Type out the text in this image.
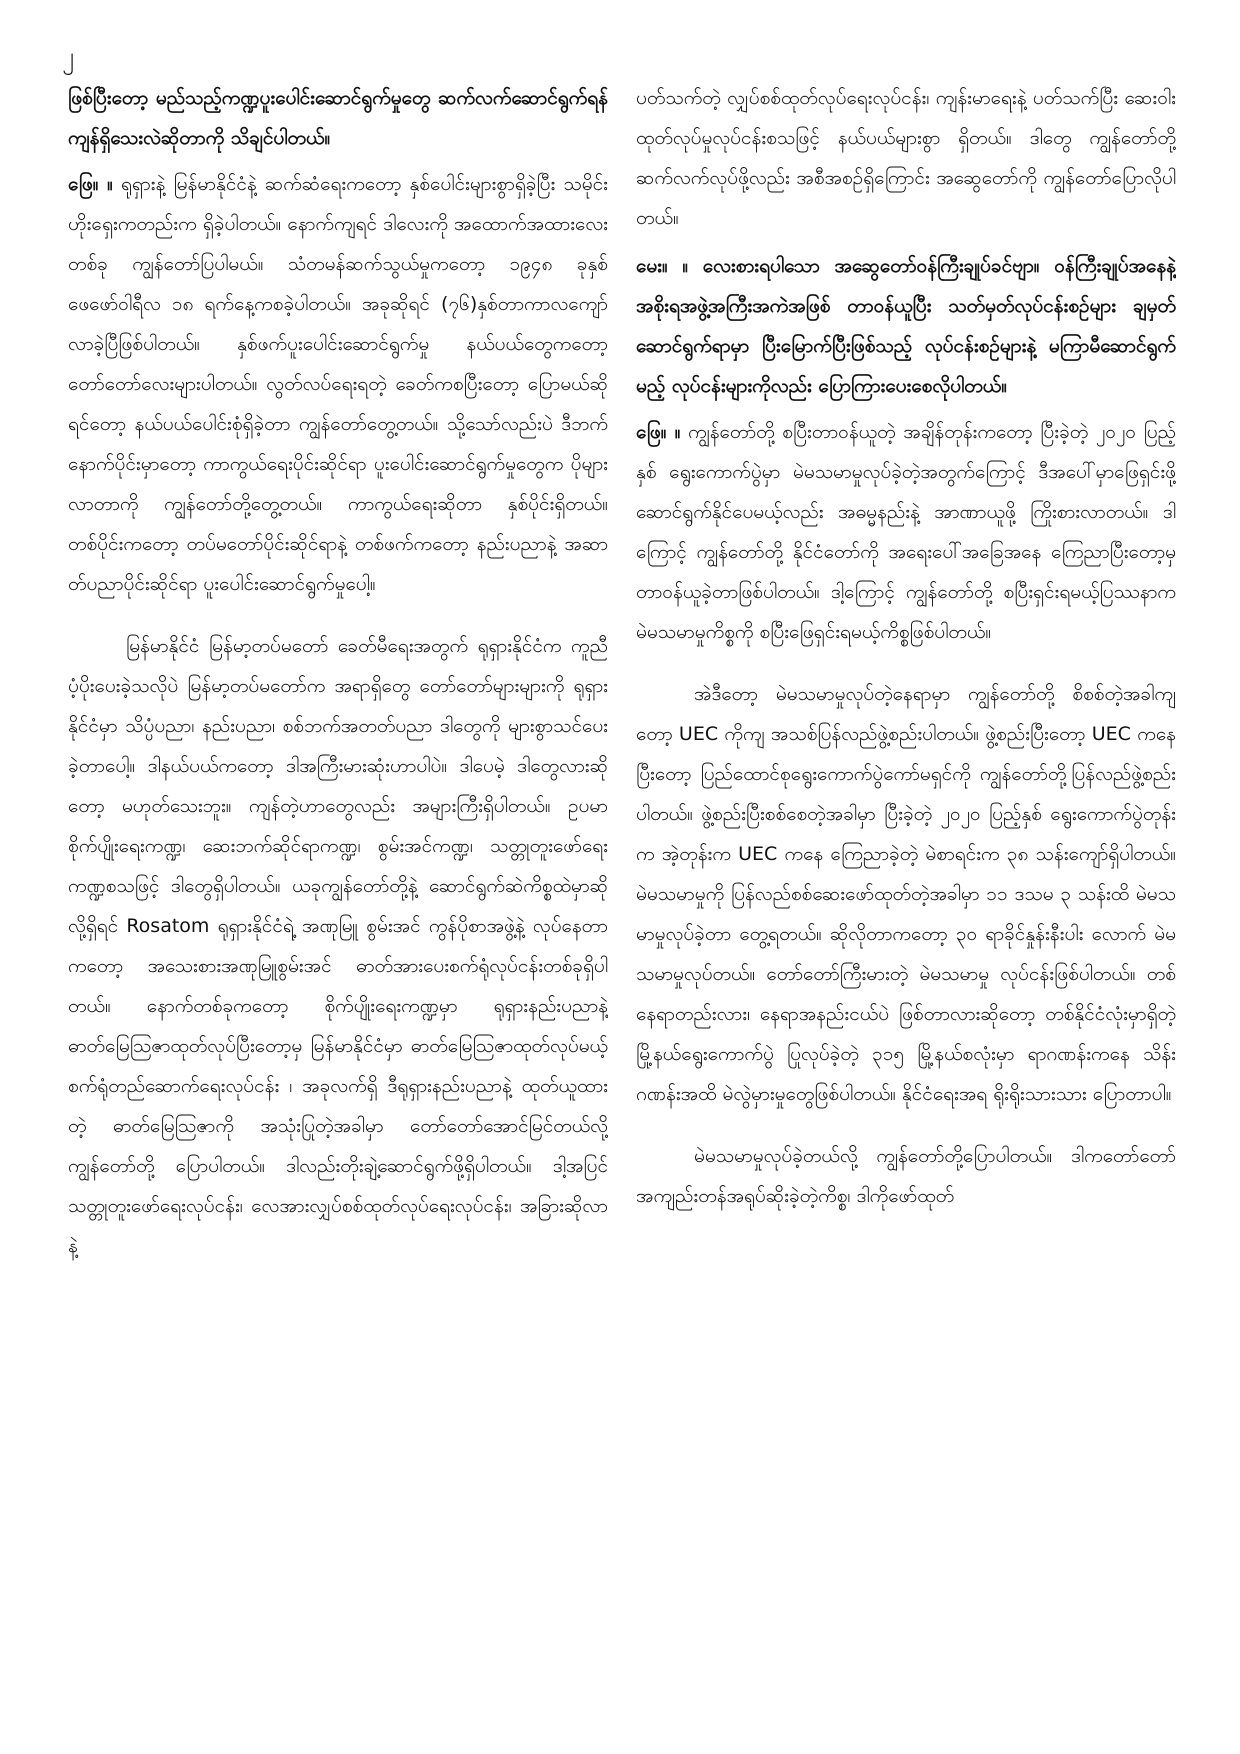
၂

ဖြစ်ပြီးတော့ မည်သည့်ကဏ္ဍပူးပေါင်းဆောင်ရွက်မှုတွေ ဆက်လက်ဆောင်ရွက်ရန် ကျန်ရှိသေးလဲဆိုတာကို သိချင်ပါတယ်။

ဖြေ။ ။ ရုရှားနဲ့ မြန်မာနိုင်ငံနဲ့ ဆက်ဆံရေးကတော့ နှစ်ပေါင်းများစွာရှိခဲ့ပြီး သမိုင်းဟိုးရှေးကတည်းက ရှိခဲ့ပါတယ်။ နောက်ကျရင် ဒါလေးကို အထောက်အထားလေးတစ်ခု ကျွန်တော်ပြပါမယ်။ သံတမန်ဆက်သွယ်မှုကတော့ ၁၉၄၈ ခုနှစ် ဖေဖော်ဝါရီလ ၁၈ ရက်နေ့ကစခဲ့ပါတယ်။ အခုဆိုရင် (၇၆)နှစ်တာကာလကျော်လာခဲ့ပြီဖြစ်ပါတယ်။ နှစ်ဖက်ပူးပေါင်းဆောင်ရွက်မှု နယ်ပယ်တွေကတော့ တော်တော်လေးများပါတယ်။ လွတ်လပ်ရေးရတဲ့ ခေတ်ကစပြီးတော့ ပြောမယ်ဆိုရင်တော့ နယ်ပယ်ပေါင်းစုံရှိခဲ့တာ ကျွန်တော်တွေ့တယ်။ သို့သော်လည်းပဲ ဒီဘက်နောက်ပိုင်းမှာတော့ ကာကွယ်ရေးပိုင်းဆိုင်ရာ ပူးပေါင်းဆောင်ရွက်မှုတွေက ပိုများလာတာကို ကျွန်တော်တို့တွေ့တယ်။ ကာကွယ်ရေးဆိုတာ နှစ်ပိုင်းရှိတယ်။ တစ်ပိုင်းကတော့ တပ်မတော်ပိုင်းဆိုင်ရာနဲ့ တစ်ဖက်ကတော့ နည်းပညာနဲ့ အဆာတ်ပညာပိုင်းဆိုင်ရာ ပူးပေါင်းဆောင်ရွက်မှုပေါ့။

မြန်မာနိုင်ငံ မြန်မာ့တပ်မတော် ခေတ်မီရေးအတွက် ရုရှားနိုင်ငံက ကူညီပံ့ပိုးပေးခဲ့သလိုပဲ မြန်မာ့တပ်မတော်က အရာရှိတွေ တော်တော်များများကို ရုရှားနိုင်ငံမှာ သိပ္ပံပညာ၊ နည်းပညာ၊ စစ်ဘက်အတတ်ပညာ ဒါတွေကို များစွာသင်ပေးခဲ့တာပေါ့။ ဒါနယ်ပယ်ကတော့ ဒါအကြီးမားဆုံးဟာပါပဲ။ ဒါပေမဲ့ ဒါတွေလားဆိုတော့ မဟုတ်သေးဘူး။ ကျန်တဲ့ဟာတွေလည်း အများကြီးရှိပါတယ်။ ဥပမာ စိုက်ပျိုးရေးကဏ္ဍ၊ ဆေးဘက်ဆိုင်ရာကဏ္ဍ၊ စွမ်းအင်ကဏ္ဍ၊ သတ္တုတူးဖော်ရေးကဏ္ဍစသဖြင့် ဒါတွေရှိပါတယ်။ ယခုကျွန်တော်တို့နဲ့ ဆောင်ရွက်ဆဲကိစ္စထဲမှာဆိုလို့ရှိရင် Rosatom ရုရှားနိုင်ငံရဲ့ အဏုမြူ စွမ်းအင် ကွန်ပိုစာအဖွဲ့နဲ့ လုပ်နေတာကတော့ အသေးစားအဏုမြူစွမ်းအင် ဓာတ်အားပေးစက်ရုံလုပ်ငန်းတစ်ခုရှိပါတယ်။ နောက်တစ်ခုကတော့ စိုက်ပျိုးရေးကဏ္ဍမှာ ရုရှားနည်းပညာနဲ့ ဓာတ်မြေဩဇာထုတ်လုပ်ပြီးတော့မှ မြန်မာနိုင်ငံမှာ ဓာတ်မြေဩဇာထုတ်လုပ်မယ့် စက်ရုံတည်ဆောက်ရေးလုပ်ငန်း ၊ အခုလက်ရှိ ဒီရုရှားနည်းပညာနဲ့ ထုတ်ယူထားတဲ့ ဓာတ်မြေဩဇာကို အသုံးပြုတဲ့အခါမှာ တော်တော်အောင်မြင်တယ်လို့ ကျွန်တော်တို့ ပြောပါတယ်။ ဒါလည်းတိုးချဲ့ဆောင်ရွက်ဖို့ရှိပါတယ်။ ဒါ့အပြင် သတ္တုတူးဖော်ရေးလုပ်ငန်း၊ လေအားလျှပ်စစ်ထုတ်လုပ်ရေးလုပ်ငန်း၊ အခြားဆိုလာနဲ့

ပတ်သက်တဲ့ လျှပ်စစ်ထုတ်လုပ်ရေးလုပ်ငန်း၊ ကျန်းမာရေးနဲ့ ပတ်သက်ပြီး ဆေးဝါးထုတ်လုပ်မှုလုပ်ငန်းစသဖြင့် နယ်ပယ်များစွာ ရှိတယ်။ ဒါတွေ ကျွန်တော်တို့ ဆက်လက်လုပ်ဖို့လည်း အစီအစဉ်ရှိကြောင်း အဆွေတော်ကို ကျွန်တော်ပြောလိုပါတယ်။

မေး။ ။ လေးစားရပါသော အဆွေတော်ဝန်ကြီးချုပ်ခင်ဗျာ။ ဝန်ကြီးချုပ်အနေနဲ့ အစိုးရအဖွဲ့အကြီးအကဲအဖြစ် တာဝန်ယူပြီး သတ်မှတ်လုပ်ငန်းစဉ်များ ချမှတ်ဆောင်ရွက်ရာမှာ ပြီးမြောက်ပြီးဖြစ်သည့် လုပ်ငန်းစဉ်များနဲ့ မကြာမီဆောင်ရွက်မည့် လုပ်ငန်းများကိုလည်း ပြောကြားပေးစေလိုပါတယ်။

ဖြေ။ ။ ကျွန်တော်တို့ စပြီးတာဝန်ယူတဲ့ အချိန်တုန်းကတော့ ပြီးခဲ့တဲ့ ၂၀၂၀ ပြည့်နှစ် ရွေးကောက်ပွဲမှာ မဲမသမာမှုလုပ်ခဲ့တဲ့အတွက်ကြောင့် ဒီအပေါ်မှာဖြေရှင်းဖို့ ဆောင်ရွက်နိုင်ပေမယ့်လည်း အဓမ္မနည်းနဲ့ အာဏာယူဖို့ ကြိုးစားလာတယ်။ ဒါကြောင့် ကျွန်တော်တို့ နိုင်ငံတော်ကို အရေးပေါ်အခြေအနေ ကြေညာပြီးတော့မှ တာဝန်ယူခဲ့တာဖြစ်ပါတယ်။ ဒါ့ကြောင့် ကျွန်တော်တို့ စပြီးရှင်းရမယ့်ပြဿနာက မဲမသမာမှုကိစ္စကို စပြီးဖြေရှင်းရမယ့်ကိစ္စဖြစ်ပါတယ်။

အဲဒီတော့ မဲမသမာမှုလုပ်တဲ့နေရာမှာ ကျွန်တော်တို့ စိစစ်တဲ့အခါကျတော့ UEC ကိုကျ အသစ်ပြန်လည်ဖွဲ့စည်းပါတယ်။ ဖွဲ့စည်းပြီးတော့ UEC ကနေပြီးတော့ ပြည်ထောင်စုရွေးကောက်ပွဲကော်မရှင်ကို ကျွန်တော်တို့ပြန်လည်ဖွဲ့စည်းပါတယ်။ ဖွဲ့စည်းပြီးစစ်စေတဲ့အခါမှာ ပြီးခဲ့တဲ့ ၂၀၂၀ ပြည့်နှစ် ရွေးကောက်ပွဲတုန်းက အဲ့တုန်းက UEC ကနေ ကြေညာခဲ့တဲ့ မဲစာရင်းက ၃၈ သန်းကျော်ရှိပါတယ်။ မဲမသမာမှုကို ပြန်လည်စစ်ဆေးဖော်ထုတ်တဲ့အခါမှာ ၁၁ ဒသမ ၃ သန်းထိ မဲမသမာမှုလုပ်ခဲ့တာ တွေ့ရတယ်။ ဆိုလိုတာကတော့ ၃၀ ရာခိုင်နှုန်းနီးပါး လောက် မဲမသမာမှုလုပ်တယ်။ တော်တော်ကြီးမားတဲ့ မဲမသမာမှု လုပ်ငန်းဖြစ်ပါတယ်။ တစ်နေရာတည်းလား၊ နေရာအနည်းငယ်ပဲ ဖြစ်တာလားဆိုတော့ တစ်နိုင်ငံလုံးမှာရှိတဲ့ မြို့နယ်ရွေးကောက်ပွဲ ပြုလုပ်ခဲ့တဲ့ ၃၁၅ မြို့နယ်စလုံးမှာ ရာဂဏန်းကနေ သိန်းဂဏန်းအထိ မဲလွဲမှားမှုတွေဖြစ်ပါတယ်။ နိုင်ငံရေးအရ ရိုးရိုးသားသား ပြောတာပါ။

မဲမသမာမှုလုပ်ခဲ့တယ်လို့ ကျွန်တော်တို့ပြောပါတယ်။ ဒါကတော်တော် အကျည်းတန်အရုပ်ဆိုးခဲ့တဲ့ကိစ္စ၊ ဒါကိုဖော်ထုတ်
